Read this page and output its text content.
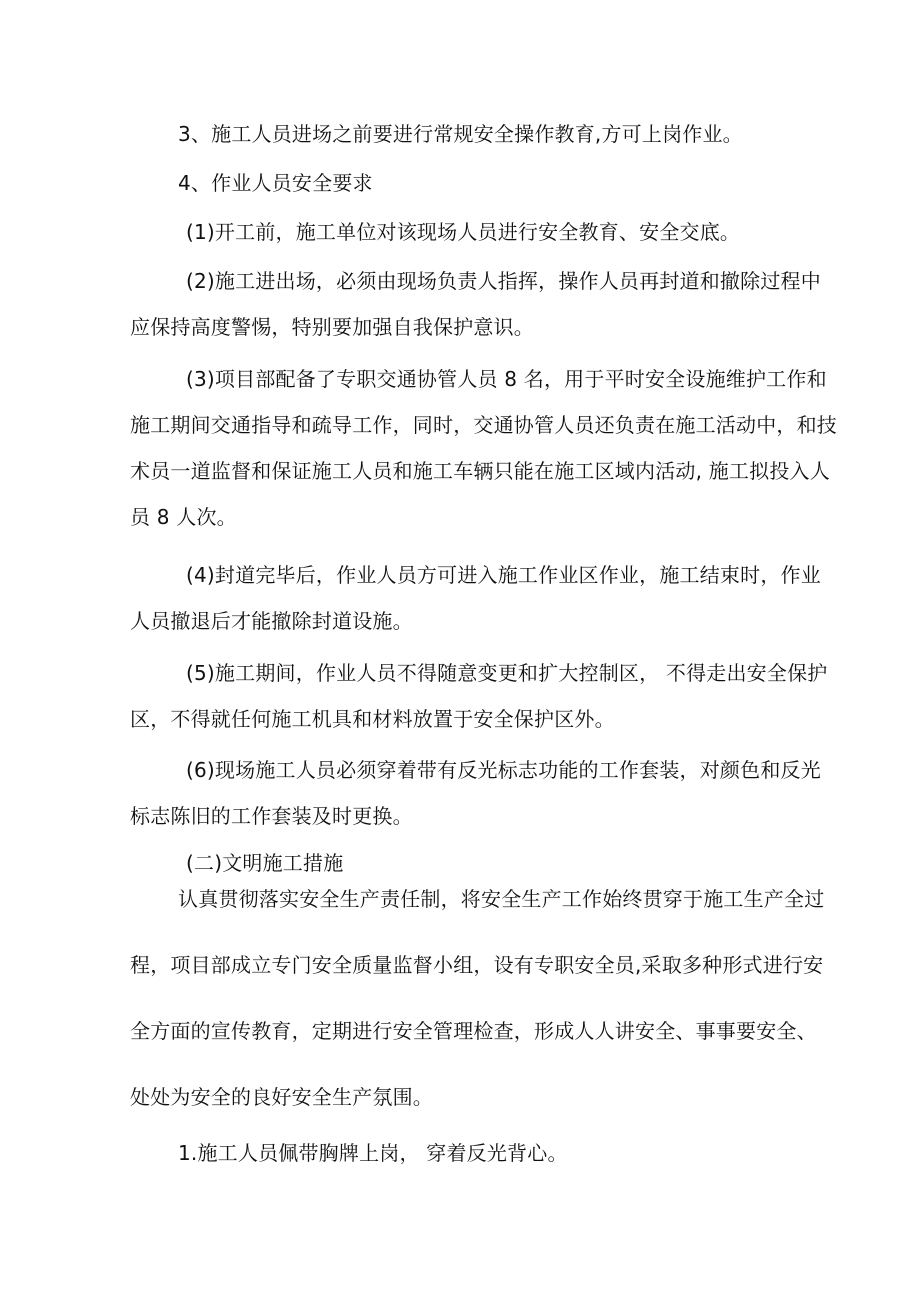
3、施工人员进场之前要进行常规安全操作教育,方可上岗作业。
4、作业人员安全要求
(1)开工前，施工单位对该现场人员进行安全教育、安全交底。
(2)施工进出场，必须由现场负责人指挥，操作人员再封道和撤除过程中
应保持高度警惕，特别要加强自我保护意识。
(3)项目部配备了专职交通协管人员 8 名，用于平时安全设施维护工作和
施工期间交通指导和疏导工作，同时，交通协管人员还负责在施工活动中，和技
术员一道监督和保证施工人员和施工车辆只能在施工区域内活动, 施工拟投入人
员 8 人次。
(4)封道完毕后，作业人员方可进入施工作业区作业，施工结束时，作业
人员撤退后才能撤除封道设施。
(5)施工期间，作业人员不得随意变更和扩大控制区， 不得走出安全保护
区，不得就任何施工机具和材料放置于安全保护区外。
(6)现场施工人员必须穿着带有反光标志功能的工作套装，对颜色和反光
标志陈旧的工作套装及时更换。
(二)文明施工措施
认真贯彻落实安全生产责任制，将安全生产工作始终贯穿于施工生产全过
程，项目部成立专门安全质量监督小组，设有专职安全员,采取多种形式进行安
全方面的宣传教育，定期进行安全管理检查，形成人人讲安全、事事要安全、
处处为安全的良好安全生产氛围。
1.施工人员佩带胸牌上岗， 穿着反光背心。
